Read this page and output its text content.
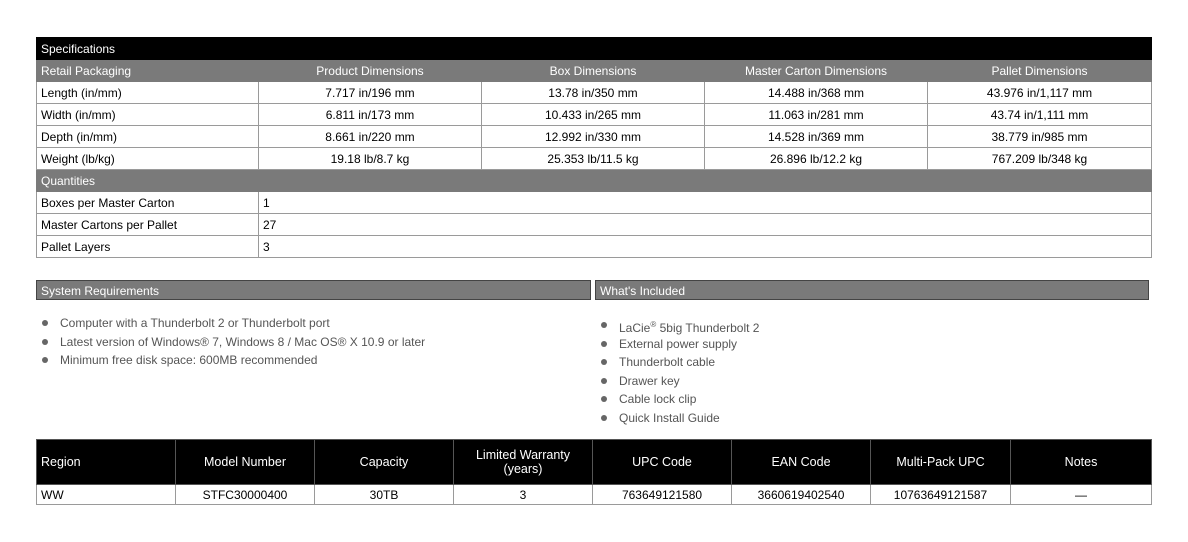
Specifications				
Retail Packaging	Product Dimensions	Box Dimensions	Master Carton Dimensions	Pallet Dimensions
Length (in/mm)	7.717 in/196 mm	13.78 in/350 mm	14.488 in/368 mm	43.976 in/1,117 mm
Width (in/mm)	6.811 in/173 mm	10.433 in/265 mm	11.063 in/281 mm	43.74 in/1,111 mm
Depth (in/mm)	8.661 in/220 mm	12.992 in/330 mm	14.528 in/369 mm	38.779 in/985 mm
Weight (lb/kg)	19.18 lb/8.7 kg	25.353 lb/11.5 kg	26.896 lb/12.2 kg	767.209 lb/348 kg
Quantities				
Boxes per Master Carton	1			
Master Cartons per Pallet	27			
Pallet Layers	3			
System Requirements	What's Included
Computer with a Thunderbolt 2 or Thunderbolt port
Latest version of Windows® 7, Windows 8 / Mac OS® X 10.9 or later
Minimum free disk space: 600MB recommended
LaCie® 5big Thunderbolt 2
External power supply
Thunderbolt cable
Drawer key
Cable lock clip
Quick Install Guide
Region	Model Number	Capacity	Limited Warranty (years)	UPC Code	EAN Code	Multi-Pack UPC	Notes
WW	STFC30000400	30TB	3	763649121580	3660619402540	10763649121587	—
